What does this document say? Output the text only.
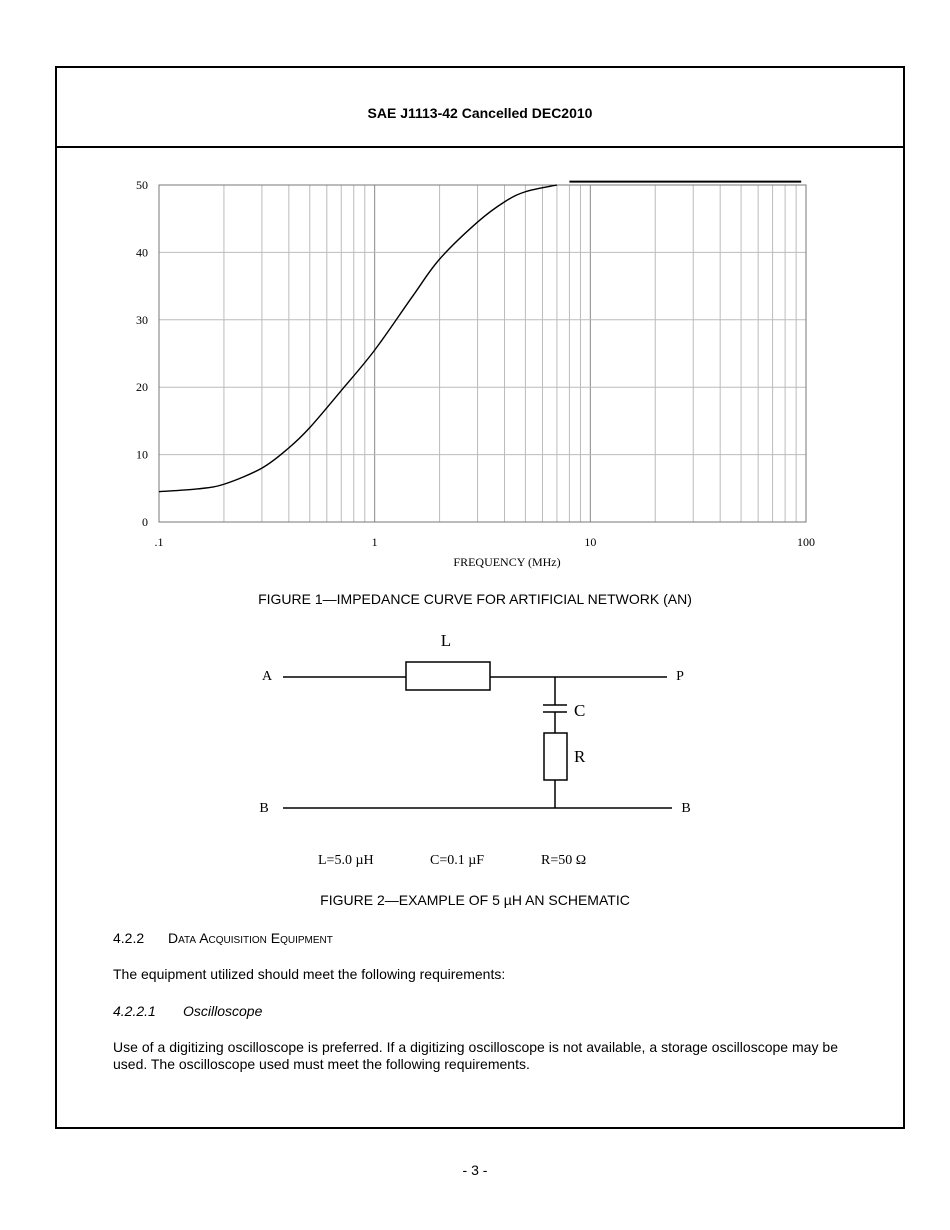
SAE J1113-42 Cancelled DEC2010
0
10
20
30
40
50
.1	1	10	100
FREQUENCY (MHz)
FIGURE 1—IMPEDANCE CURVE FOR ARTIFICIAL NETWORK (AN)
L
A	P
C
R
B	B
L=5.0 µH	C=0.1 µF	R=50 Ω
FIGURE 2—EXAMPLE OF 5 µH AN SCHEMATIC
4.2.2 Data Acquisition Equipment
The equipment utilized should meet the following requirements:
4.2.2.1 Oscilloscope
Use of a digitizing oscilloscope is preferred. If a digitizing oscilloscope is not available, a storage oscilloscope may be used. The oscilloscope used must meet the following requirements.
- 3 -
